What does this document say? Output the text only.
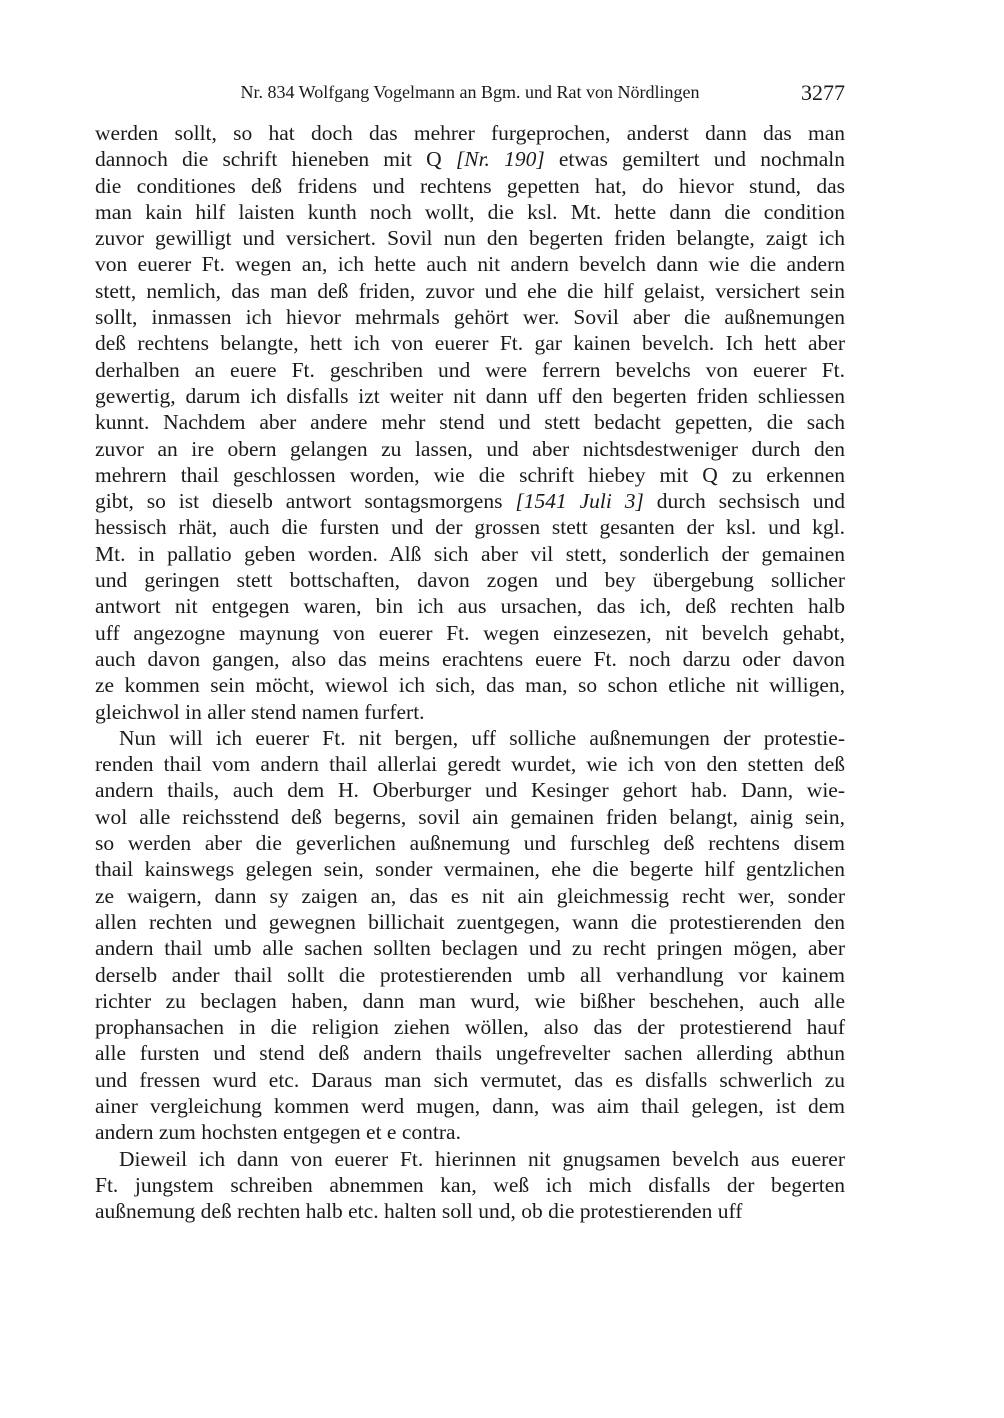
Nr. 834 Wolfgang Vogelmann an Bgm. und Rat von Nördlingen	3277
werden sollt, so hat doch das mehrer furgeprochen, anderst dann das man
dannoch die schrift hieneben mit Q [Nr. 190] etwas gemiltert und nochmaln
die conditiones deß fridens und rechtens gepetten hat, do hievor stund, das
man kain hilf laisten kunth noch wollt, die ksl. Mt. hette dann die condition
zuvor gewilligt und versichert. Sovil nun den begerten friden belangte, zaigt ich
von euerer Ft. wegen an, ich hette auch nit andern bevelch dann wie die andern
stett, nemlich, das man deß friden, zuvor und ehe die hilf gelaist, versichert sein
sollt, inmassen ich hievor mehrmals gehört wer. Sovil aber die außnemungen
deß rechtens belangte, hett ich von euerer Ft. gar kainen bevelch. Ich hett aber
derhalben an euere Ft. geschriben und were ferrern bevelchs von euerer Ft.
gewertig, darum ich disfalls izt weiter nit dann uff den begerten friden schliessen
kunnt. Nachdem aber andere mehr stend und stett bedacht gepetten, die sach
zuvor an ire obern gelangen zu lassen, und aber nichtsdestweniger durch den
mehrern thail geschlossen worden, wie die schrift hiebey mit Q zu erkennen
gibt, so ist dieselb antwort sontagsmorgens [1541 Juli 3] durch sechsisch und
hessisch rhät, auch die fursten und der grossen stett gesanten der ksl. und kgl.
Mt. in pallatio geben worden. Alß sich aber vil stett, sonderlich der gemainen
und geringen stett bottschaften, davon zogen und bey übergebung sollicher
antwort nit entgegen waren, bin ich aus ursachen, das ich, deß rechten halb
uff angezogne maynung von euerer Ft. wegen einzesezen, nit bevelch gehabt,
auch davon gangen, also das meins erachtens euere Ft. noch darzu oder davon
ze kommen sein möcht, wiewol ich sich, das man, so schon etliche nit willigen,
gleichwol in aller stend namen furfert.
Nun will ich euerer Ft. nit bergen, uff solliche außnemungen der protestie-
renden thail vom andern thail allerlai geredt wurdet, wie ich von den stetten deß
andern thails, auch dem H. Oberburger und Kesinger gehort hab. Dann, wie-
wol alle reichsstend deß begerns, sovil ain gemainen friden belangt, ainig sein,
so werden aber die geverlichen außnemung und furschleg deß rechtens disem
thail kainswegs gelegen sein, sonder vermainen, ehe die begerte hilf gentzlichen
ze waigern, dann sy zaigen an, das es nit ain gleichmessig recht wer, sonder
allen rechten und gewegnen billichait zuentgegen, wann die protestierenden den
andern thail umb alle sachen sollten beclagen und zu recht pringen mögen, aber
derselb ander thail sollt die protestierenden umb all verhandlung vor kainem
richter zu beclagen haben, dann man wurd, wie bißher beschehen, auch alle
prophansachen in die religion ziehen wöllen, also das der protestierend hauf
alle fursten und stend deß andern thails ungefrevelter sachen allerding abthun
und fressen wurd etc. Daraus man sich vermutet, das es disfalls schwerlich zu
ainer vergleichung kommen werd mugen, dann, was aim thail gelegen, ist dem
andern zum hochsten entgegen et e contra.
Dieweil ich dann von euerer Ft. hierinnen nit gnugsamen bevelch aus euerer
Ft. jungstem schreiben abnemmen kan, weß ich mich disfalls der begerten
außnemung deß rechten halb etc. halten soll und, ob die protestierenden uff
